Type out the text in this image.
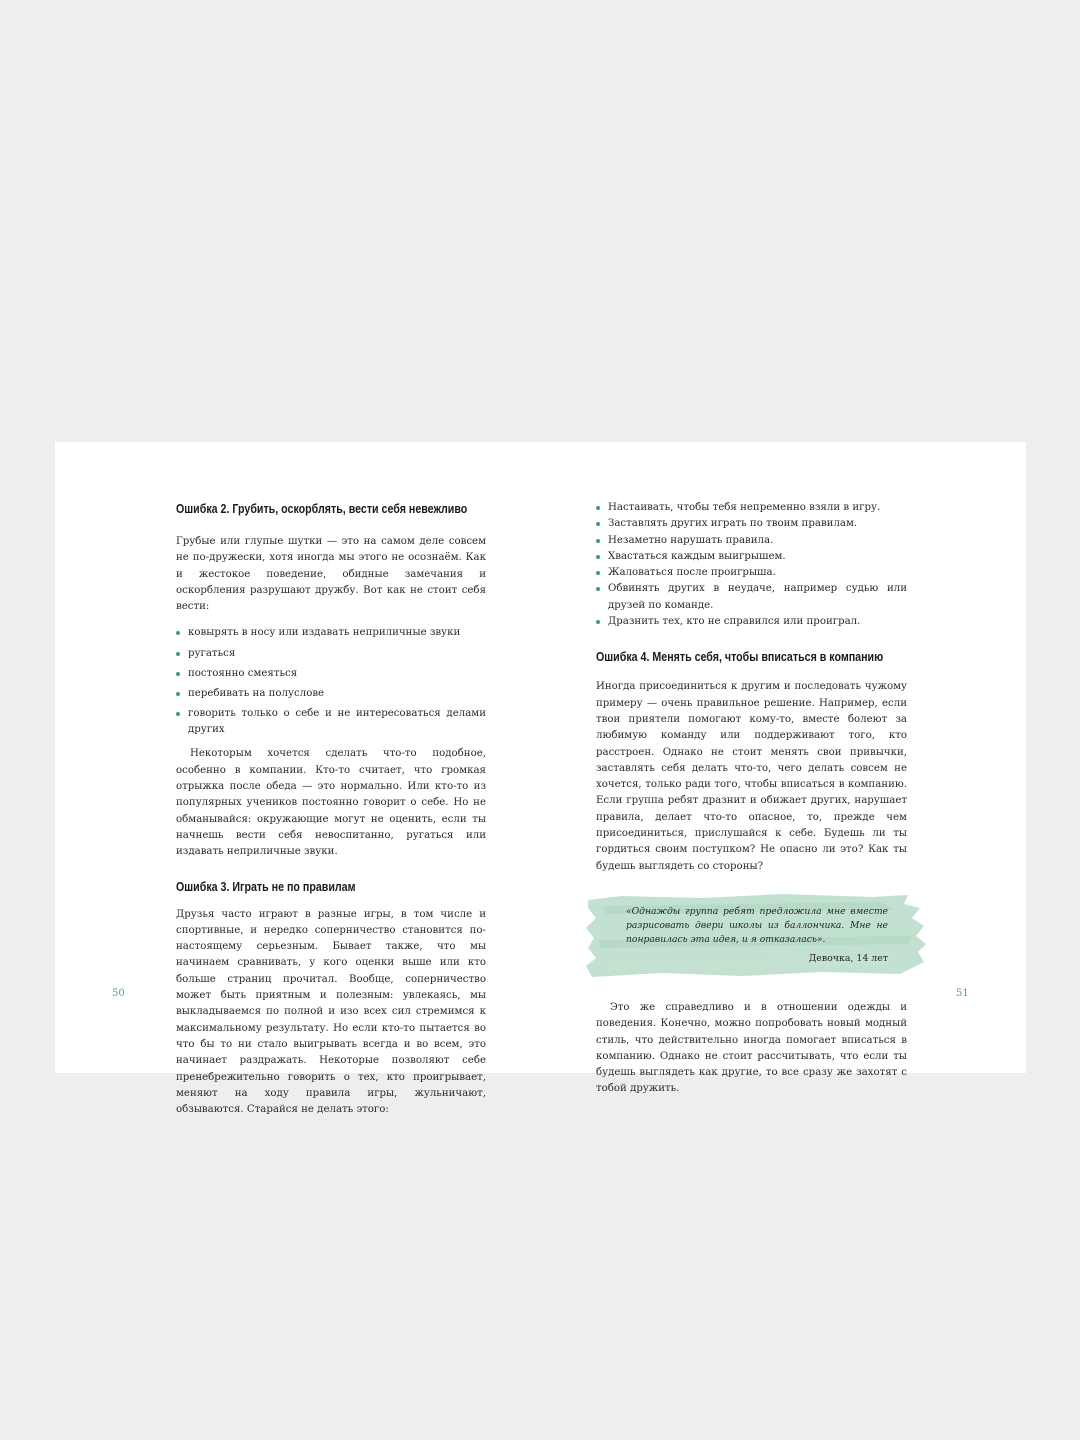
Ошибка 2. Грубить, оскорблять, вести себя невежливо

Грубые или глупые шутки — это на самом деле совсем не по-дружески, хотя иногда мы этого не осознаём. Как и жестокое поведение, обидные замечания и оскорбления разрушают дружбу. Вот как не стоит себя вести:

ковырять в носу или издавать неприличные звуки
ругаться
постоянно смеяться
перебивать на полуслове
говорить только о себе и не интересоваться делами других

Некоторым хочется сделать что-то подобное, особенно в компании. Кто-то считает, что громкая отрыжка после обеда — это нормально. Или кто-то из популярных учеников постоянно говорит о себе. Но не обманывайся: окружающие могут не оценить, если ты начнешь вести себя невоспитанно, ругаться или издавать неприличные звуки.

Ошибка 3. Играть не по правилам

Друзья часто играют в разные игры, в том числе и спортивные, и нередко соперничество становится по-настоящему серьезным. Бывает также, что мы начинаем сравнивать, у кого оценки выше или кто больше страниц прочитал. Вообще, соперничество может быть приятным и полезным: увлекаясь, мы выкладываемся по полной и изо всех сил стремимся к максимальному результату. Но если кто-то пытается во что бы то ни стало выигрывать всегда и во всем, это начинает раздражать. Некоторые позволяют себе пренебрежительно говорить о тех, кто проигрывает, меняют на ходу правила игры, жульничают, обзываются. Старайся не делать этого:

50
Настаивать, чтобы тебя непременно взяли в игру.
Заставлять других играть по твоим правилам.
Незаметно нарушать правила.
Хвастаться каждым выигрышем.
Жаловаться после проигрыша.
Обвинять других в неудаче, например судью или друзей по команде.
Дразнить тех, кто не справился или проиграл.
Ошибка 4. Менять себя, чтобы вписаться в компанию

Иногда присоединиться к другим и последовать чужому примеру — очень правильное решение. Например, если твои приятели помогают кому-то, вместе болеют за любимую команду или поддерживают того, кто расстроен. Однако не стоит менять свои привычки, заставлять себя делать что-то, чего делать совсем не хочется, только ради того, чтобы вписаться в компанию. Если группа ребят дразнит и обижает других, нарушает правила, делает что-то опасное, то, прежде чем присоединиться, прислушайся к себе. Будешь ли ты гордиться своим поступком? Не опасно ли это? Как ты будешь выглядеть со стороны?

«Однажды группа ребят предложила мне вместе разрисовать двери школы из баллончика. Мне не понравилась эта идея, и я отказалась».
Девочка, 14 лет

Это же справедливо и в отношении одежды и поведения. Конечно, можно попробовать новый модный стиль, что действительно иногда помогает вписаться в компанию. Однако не стоит рассчитывать, что если ты будешь выглядеть как другие, то все сразу же захотят с тобой дружить.

51
